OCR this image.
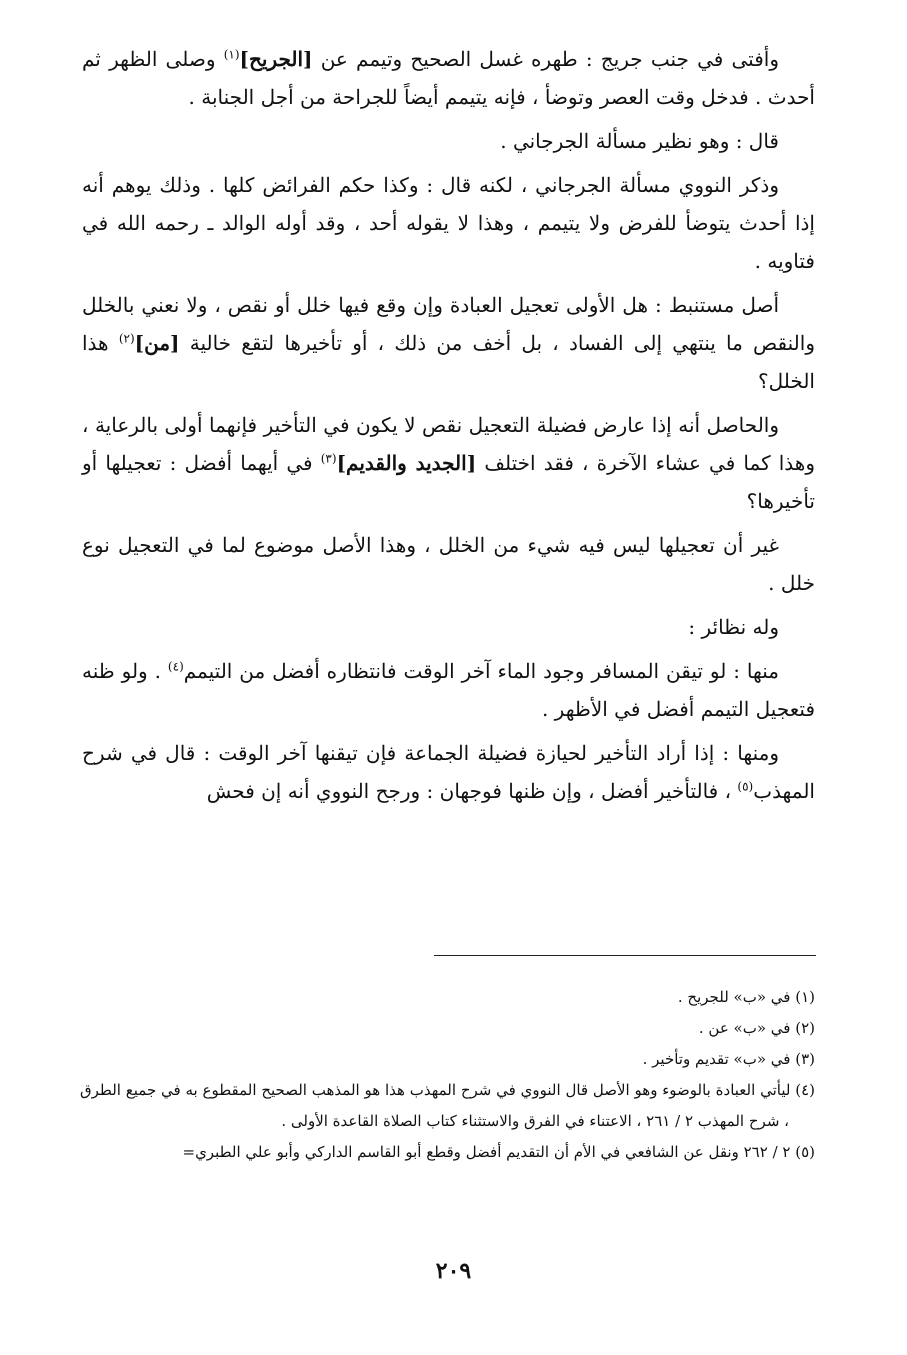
وأفتى في جنب جريج : طهره غسل الصحيح وتيمم عن [الجريح]$^{(١)}$ وصلى الظهر ثم أحدث . فدخل وقت العصر وتوضأ ، فإنه يتيمم أيضاً للجراحة من أجل الجنابة .

قال : وهو نظير مسألة الجرجاني .

وذكر النووي مسألة الجرجاني ، لكنه قال : وكذا حكم الفرائض كلها . وذلك يوهم أنه إذا أحدث يتوضأ للفرض ولا يتيمم ، وهذا لا يقوله أحد ، وقد أوله الوالد ـ رحمه الله في فتاويه .

أصل مستنبط : هل الأولى تعجيل العبادة وإن وقع فيها خلل أو نقص ، ولا نعني بالخلل والنقص ما ينتهي إلى الفساد ، بل أخف من ذلك ، أو تأخيرها لتقع خالية [من]$^{(٢)}$ هذا الخلل؟

والحاصل أنه إذا عارض فضيلة التعجيل نقص لا يكون في التأخير فإنهما أولى بالرعاية ، وهذا كما في عشاء الآخرة ، فقد اختلف [الجديد والقديم]$^{(٣)}$ في أيهما أفضل : تعجيلها أو تأخيرها؟

غير أن تعجيلها ليس فيه شيء من الخلل ، وهذا الأصل موضوع لما في التعجيل نوع خلل .

وله نظائر :

منها : لو تيقن المسافر وجود الماء آخر الوقت فانتظاره أفضل من التيمم$^{(٤)}$ . ولو ظنه فتعجيل التيمم أفضل في الأظهر .

ومنها : إذا أراد التأخير لحيازة فضيلة الجماعة فإن تيقنها آخر الوقت : قال في شرح المهذب$^{(٥)}$ ، فالتأخير أفضل ، وإن ظنها فوجهان : ورجح النووي أنه إن فحش

(١) في «ب» للجريح .

(٢) في «ب» عن .

(٣) في «ب» تقديم وتأخير .

(٤) ليأتي العبادة بالوضوء وهو الأصل قال النووي في شرح المهذب هذا هو المذهب الصحيح المقطوع به في جميع الطرق ، شرح المهذب ٢ / ٢٦١ ، الاعتناء في الفرق والاستثناء كتاب الصلاة القاعدة الأولى .

(٥) ٢ / ٢٦٢ ونقل عن الشافعي في الأم أن التقديم أفضل وقطع أبو القاسم الداركي وأبو علي الطبري=

٢٠٩
